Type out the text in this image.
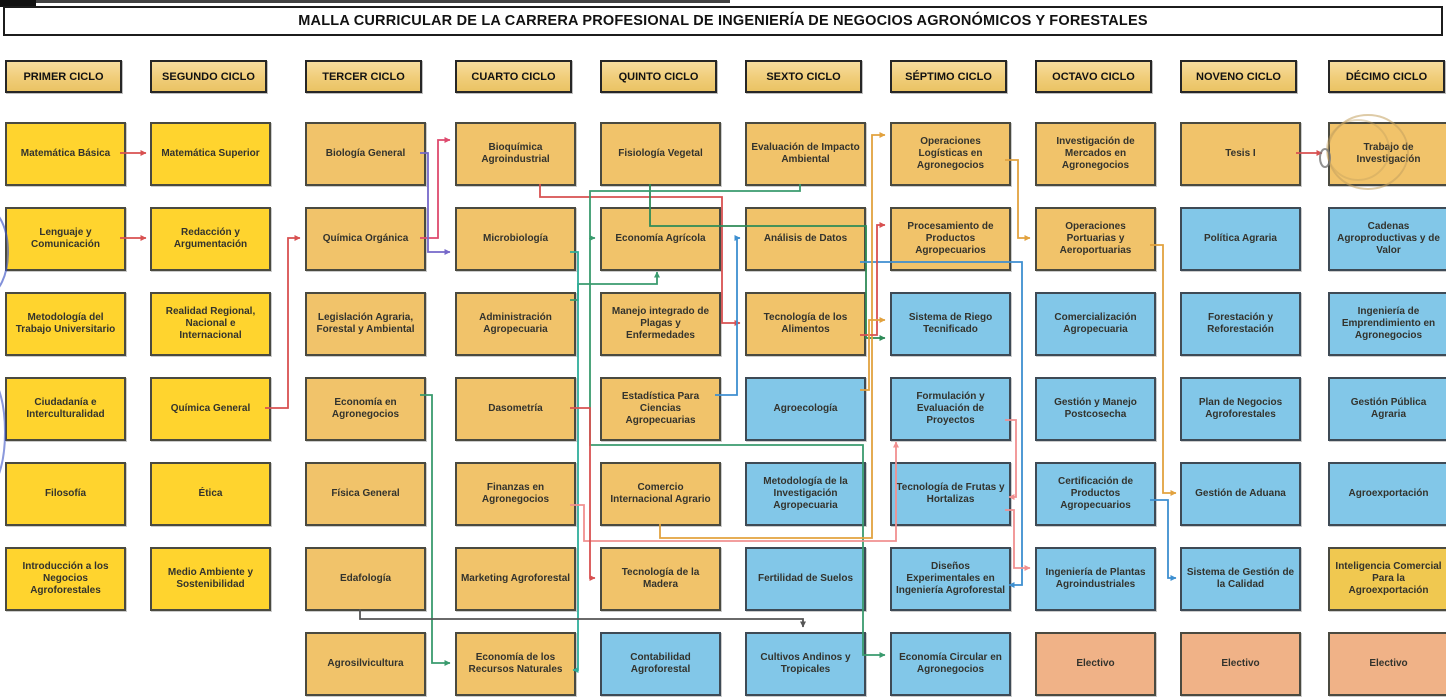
MALLA CURRICULAR DE LA CARRERA PROFESIONAL DE INGENIERÍA DE NEGOCIOS AGRONÓMICOS Y FORESTALES
PRIMER CICLO
Matemática Básica
Lenguaje y Comunicación
Metodología del Trabajo Universitario
Ciudadanía e Interculturalidad
Filosofía
Introducción a los Negocios Agroforestales
SEGUNDO CICLO
Matemática Superior
Redacción y Argumentación
Realidad Regional, Nacional e Internacional
Química General
Ética
Medio Ambiente y Sostenibilidad
TERCER CICLO
Biología General
Química Orgánica
Legislación Agraria, Forestal y Ambiental
Economía en Agronegocios
Física General
Edafología
Agrosilvicultura
CUARTO CICLO
Bioquímica Agroindustrial
Microbiología
Administración Agropecuaria
Dasometría
Finanzas en Agronegocios
Marketing Agroforestal
Economía de los Recursos Naturales
QUINTO CICLO
Fisiología Vegetal
Economía Agrícola
Manejo integrado de Plagas y Enfermedades
Estadística Para Ciencias Agropecuarias
Comercio Internacional Agrario
Tecnología de la Madera
Contabilidad Agroforestal
SEXTO CICLO
Evaluación de Impacto Ambiental
Análisis de Datos
Tecnología de los Alimentos
Agroecología
Metodología de la Investigación Agropecuaria
Fertilidad de Suelos
Cultivos Andinos y Tropicales
SÉPTIMO CICLO
Operaciones Logísticas en Agronegocios
Procesamiento de Productos Agropecuarios
Sistema de Riego Tecnificado
Formulación y Evaluación de Proyectos
Tecnología de Frutas y Hortalizas
Diseños Experimentales en Ingeniería Agroforestal
Economía Circular en Agronegocios
OCTAVO CICLO
Investigación de Mercados en Agronegocios
Operaciones Portuarias y Aeroportuarias
Comercialización Agropecuaria
Gestión y Manejo Postcosecha
Certificación de Productos Agropecuarios
Ingeniería de Plantas Agroindustriales
Electivo
NOVENO CICLO
Tesis I
Política Agraria
Forestación y Reforestación
Plan de Negocios Agroforestales
Gestión de Aduana
Sistema de Gestión de la Calidad
Electivo
DÉCIMO CICLO
Trabajo de Investigación
Cadenas Agroproductivas y de Valor
Ingeniería de Emprendimiento en Agronegocios
Gestión Pública Agraria
Agroexportación
Inteligencia Comercial Para la Agroexportación
Electivo
